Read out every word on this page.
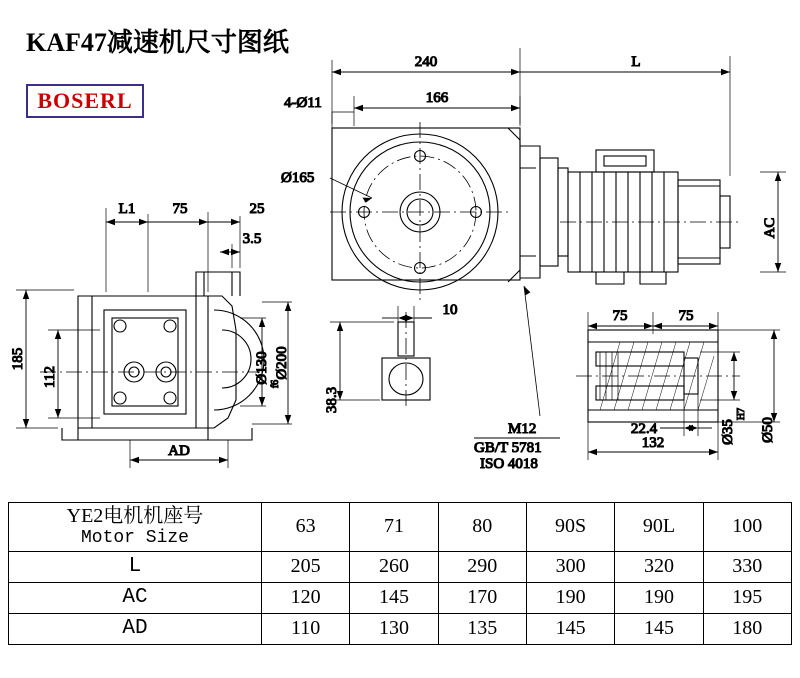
KAF47减速机尺寸图纸
BOSERL
240	L
166
4-Ø11
Ø165
AC
L1 75	25
3.5
185
112	Ø130 f6
Ø200
AD
10
38.3
M12
GB/T 5781
ISO 4018
75	75
22.4
132	Ø35
H7
Ø50
YE2电机机座号
Motor Size	63	71	80	90S	90L	100
L	205	260	290	300	320	330
AC	120	145	170	190	190	195
AD	110	130	135	145	145	180
